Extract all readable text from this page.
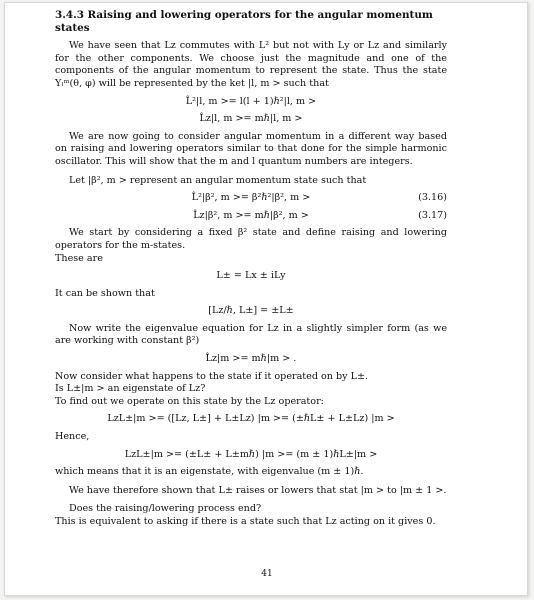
3.4.3 Raising and lowering operators for the angular momentum states
We have seen that Lz commutes with L² but not with Ly or Lz and similarly for the other components. We choose just the magnitude and one of the components of the angular momentum to represent the state. Thus the state Yₗᵐ(θ, φ) will be represented by the ket |l, m > such that
L̂²|l, m >= l(l + 1)ℏ²|l, m >
L̂z|l, m >= mℏ|l, m >
We are now going to consider angular momentum in a different way based on raising and lowering operators similar to that done for the simple harmonic oscillator. This will show that the m and l quantum numbers are integers.
Let |β², m > represent an angular momentum state such that
L̂²|β², m >= β²ℏ²|β², m >	(3.16)
L̂z|β², m >= mℏ|β², m >	(3.17)
We start by considering a fixed β² state and define raising and lowering operators for the m-states.
These are
L± = Lx ± iLy
It can be shown that
[Lz/ℏ, L±] = ±L±
Now write the eigenvalue equation for Lz in a slightly simpler form (as we are working with constant β²)
L̂z|m >= mℏ|m > .
Now consider what happens to the state if it operated on by L±.
Is L±|m > an eigenstate of Lz?
To find out we operate on this state by the Lz operator:
LzL±|m >= ([Lz, L±] + L±Lz) |m >= (±ℏL± + L±Lz) |m >
Hence,
LzL±|m >= (±L± + L±mℏ) |m >= (m ± 1)ℏL±|m >
which means that it is an eigenstate, with eigenvalue (m ± 1)ℏ.
We have therefore shown that L± raises or lowers that stat |m > to |m ± 1 >.
Does the raising/lowering process end?
This is equivalent to asking if there is a state such that Lz acting on it gives 0.
41
